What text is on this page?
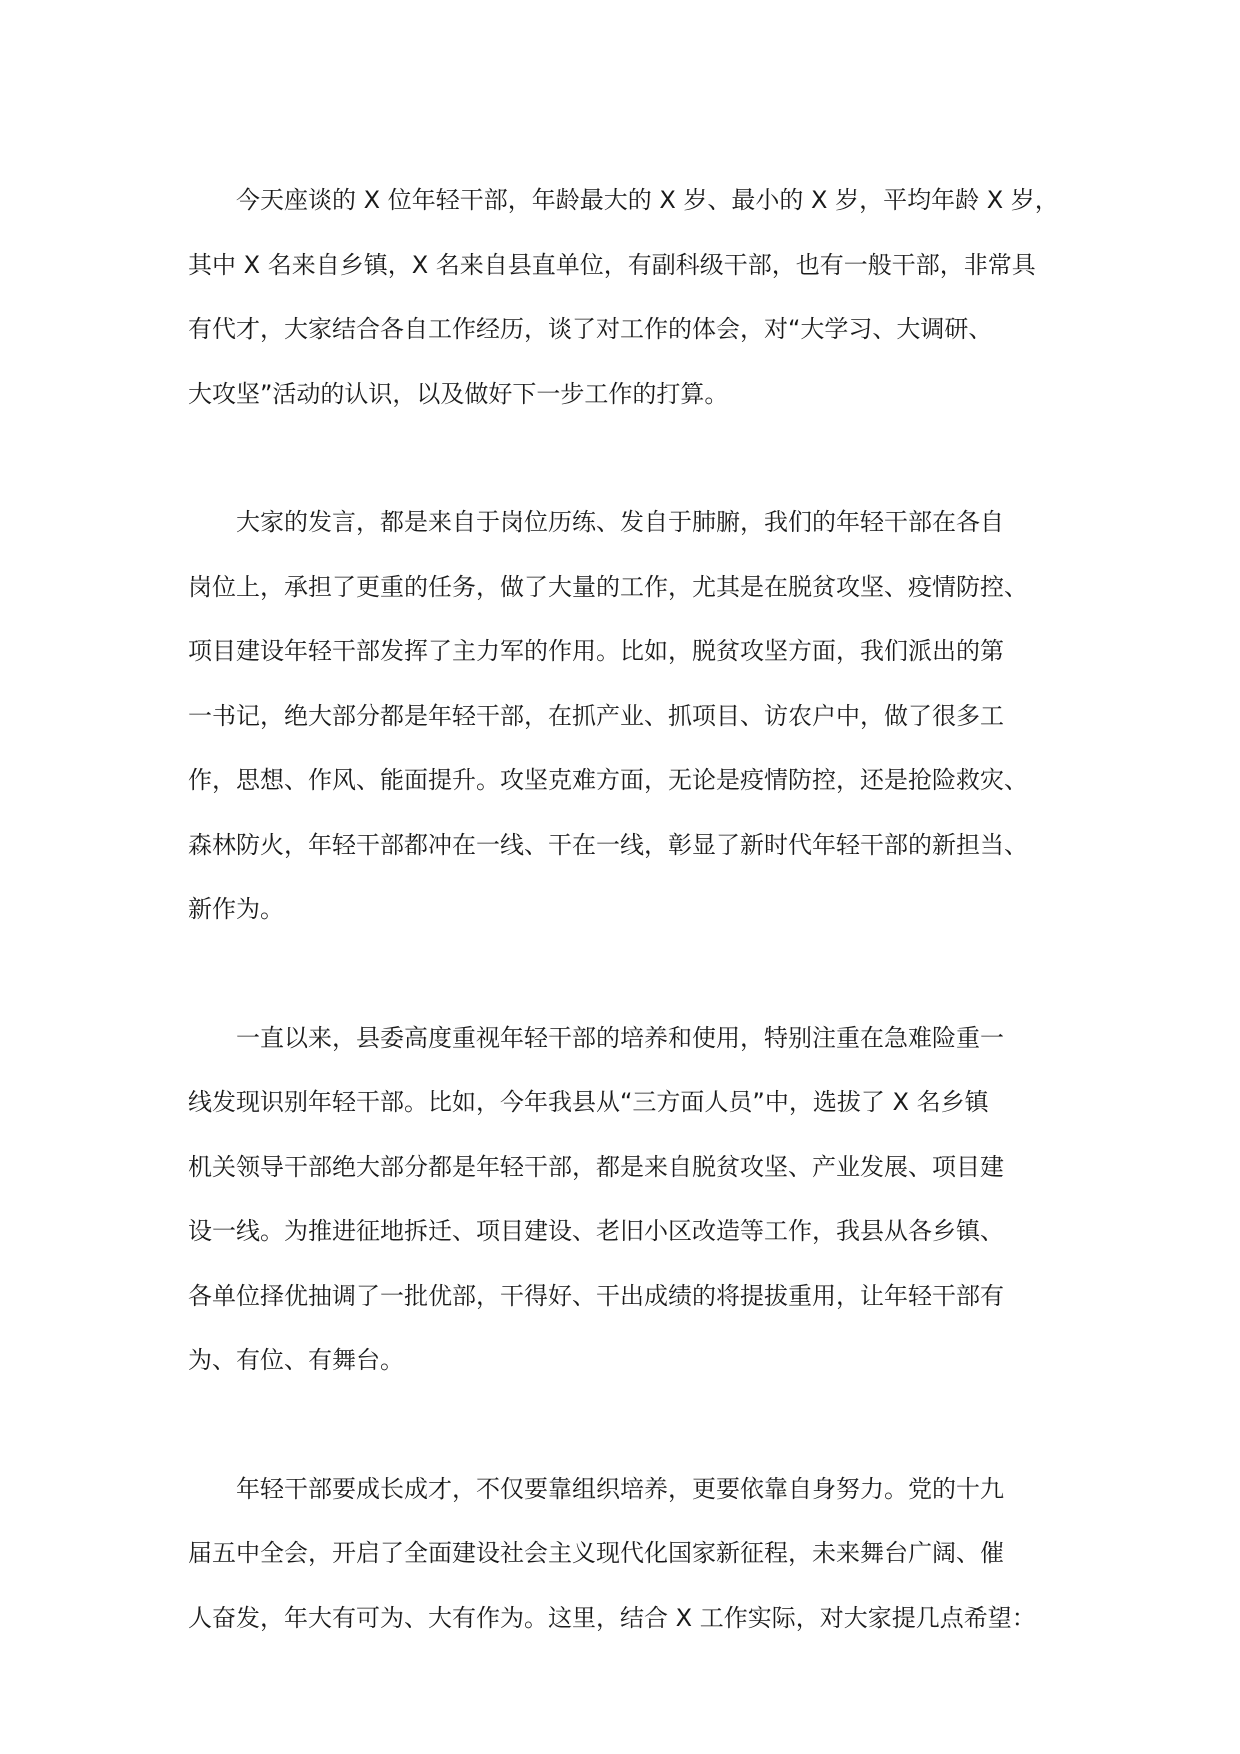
今天座谈的 X 位年轻干部，年龄最大的 X 岁、最小的 X 岁，平均年龄 X 岁，
其中 X 名来自乡镇，X 名来自县直单位，有副科级干部，也有一般干部，非常具
有代才，大家结合各自工作经历，谈了对工作的体会，对“大学习、大调研、
大攻坚”活动的认识，以及做好下一步工作的打算。
大家的发言，都是来自于岗位历练、发自于肺腑，我们的年轻干部在各自
岗位上，承担了更重的任务，做了大量的工作，尤其是在脱贫攻坚、疫情防控、
项目建设年轻干部发挥了主力军的作用。比如，脱贫攻坚方面，我们派出的第
一书记，绝大部分都是年轻干部，在抓产业、抓项目、访农户中，做了很多工
作，思想、作风、能面提升。攻坚克难方面，无论是疫情防控，还是抢险救灾、
森林防火，年轻干部都冲在一线、干在一线，彰显了新时代年轻干部的新担当、
新作为。
一直以来，县委高度重视年轻干部的培养和使用，特别注重在急难险重一
线发现识别年轻干部。比如，今年我县从“三方面人员”中，选拔了 X 名乡镇
机关领导干部绝大部分都是年轻干部，都是来自脱贫攻坚、产业发展、项目建
设一线。为推进征地拆迁、项目建设、老旧小区改造等工作，我县从各乡镇、
各单位择优抽调了一批优部，干得好、干出成绩的将提拔重用，让年轻干部有
为、有位、有舞台。
年轻干部要成长成才，不仅要靠组织培养，更要依靠自身努力。党的十九
届五中全会，开启了全面建设社会主义现代化国家新征程，未来舞台广阔、催
人奋发，年大有可为、大有作为。这里，结合 X 工作实际，对大家提几点希望：
